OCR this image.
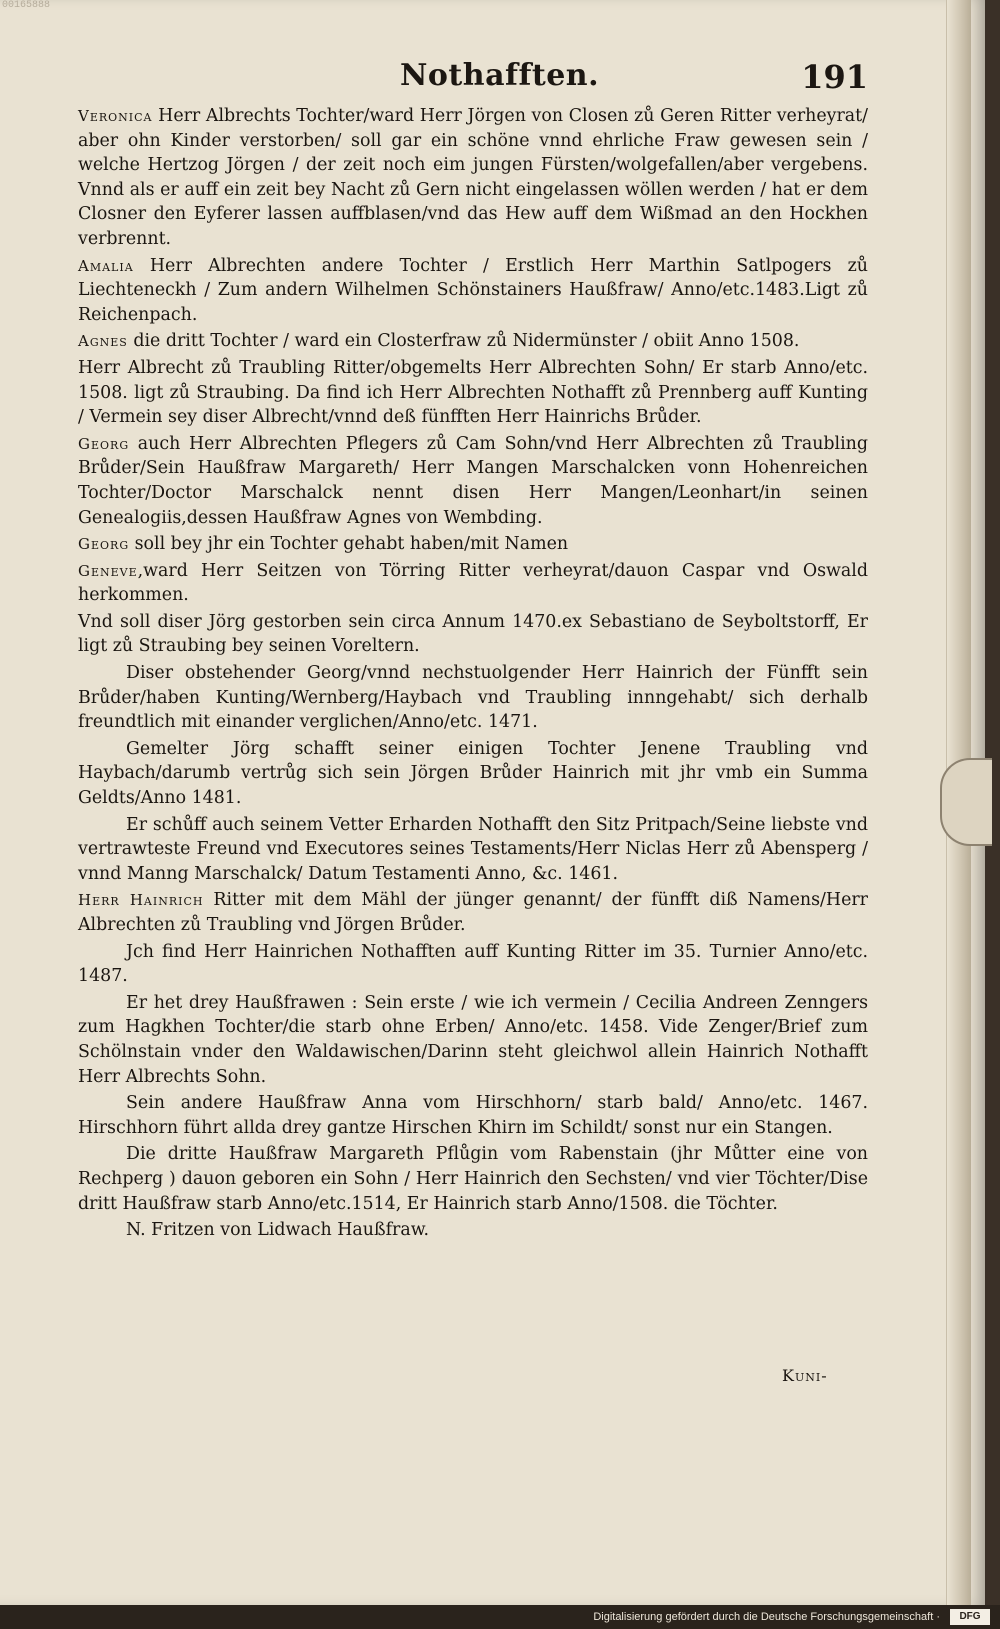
00165888
Nothafften.	191

Veronica Herr Albrechts Tochter/ward Herr Jörgen von Closen zů Geren Ritter verheyrat/ aber ohn Kinder verstorben/ soll gar ein schöne vnnd ehrliche Fraw gewesen sein / welche Hertzog Jörgen / der zeit noch eim jungen Fürsten/wolgefallen/aber vergebens. Vnnd als er auff ein zeit bey Nacht zů Gern nicht eingelassen wöllen werden / hat er dem Closner den Eyferer lassen auffblasen/vnd das Hew auff dem Wißmad an den Hockhen verbrennt.

Amalia Herr Albrechten andere Tochter / Erstlich Herr Marthin Satlpogers zů Liechteneckh / Zum andern Wilhelmen Schönstainers Haußfraw/ Anno/etc.1483.Ligt zů Reichenpach.

Agnes die dritt Tochter / ward ein Closterfraw zů Nidermünster / obiit Anno 1508.

Herr Albrecht zů Traubling Ritter/obgemelts Herr Albrechten Sohn/ Er starb Anno/etc. 1508. ligt zů Straubing. Da find ich Herr Albrechten Nothafft zů Prennberg auff Kunting / Vermein sey diser Albrecht/vnnd deß fünfften Herr Hainrichs Brůder.

Georg auch Herr Albrechten Pflegers zů Cam Sohn/vnd Herr Albrechten zů Traubling Brůder/Sein Haußfraw Margareth/ Herr Mangen Marschalcken vonn Hohenreichen Tochter/Doctor Marschalck nennt disen Herr Mangen/Leonhart/in seinen Genealogiis,dessen Haußfraw Agnes von Wembding.

Georg soll bey jhr ein Tochter gehabt haben/mit Namen

Geneve,ward Herr Seitzen von Törring Ritter verheyrat/dauon Caspar vnd Oswald herkommen.

Vnd soll diser Jörg gestorben sein circa Annum 1470.ex Sebastiano de Seyboltstorff, Er ligt zů Straubing bey seinen Voreltern.

Diser obstehender Georg/vnnd nechstuolgender Herr Hainrich der Fünfft sein Brůder/haben Kunting/Wernberg/Haybach vnd Traubling innngehabt/ sich derhalb freundtlich mit einander verglichen/Anno/etc. 1471.

Gemelter Jörg schafft seiner einigen Tochter Jenene Traubling vnd Haybach/darumb vertrůg sich sein Jörgen Brůder Hainrich mit jhr vmb ein Summa Geldts/Anno 1481.

Er schůff auch seinem Vetter Erharden Nothafft den Sitz Pritpach/Seine liebste vnd vertrawteste Freund vnd Executores seines Testaments/Herr Niclas Herr zů Abensperg / vnnd Manng Marschalck/ Datum Testamenti Anno, &c. 1461.

Herr Hainrich Ritter mit dem Mähl der jünger genannt/ der fünfft diß Namens/Herr Albrechten zů Traubling vnd Jörgen Brůder.

Jch find Herr Hainrichen Nothafften auff Kunting Ritter im 35. Turnier Anno/etc. 1487.

Er het drey Haußfrawen : Sein erste / wie ich vermein / Cecilia Andreen Zenngers zum Hagkhen Tochter/die starb ohne Erben/ Anno/etc. 1458. Vide Zenger/Brief zum Schölnstain vnder den Waldawischen/Darinn steht gleichwol allein Hainrich Nothafft Herr Albrechts Sohn.

Sein andere Haußfraw Anna vom Hirschhorn/ starb bald/ Anno/etc. 1467. Hirschhorn führt allda drey gantze Hirschen Khirn im Schildt/ sonst nur ein Stangen.

Die dritte Haußfraw Margareth Pflůgin vom Rabenstain (jhr Můtter eine von Rechperg ) dauon geboren ein Sohn / Herr Hainrich den Sechsten/ vnd vier Töchter/Dise dritt Haußfraw starb Anno/etc.1514, Er Hainrich starb Anno/1508. die Töchter.

N. Fritzen von Lidwach Haußfraw.

Kuni-
Digitalisierung gefördert durch die Deutsche Forschungsgemeinschaft ·	DFG
